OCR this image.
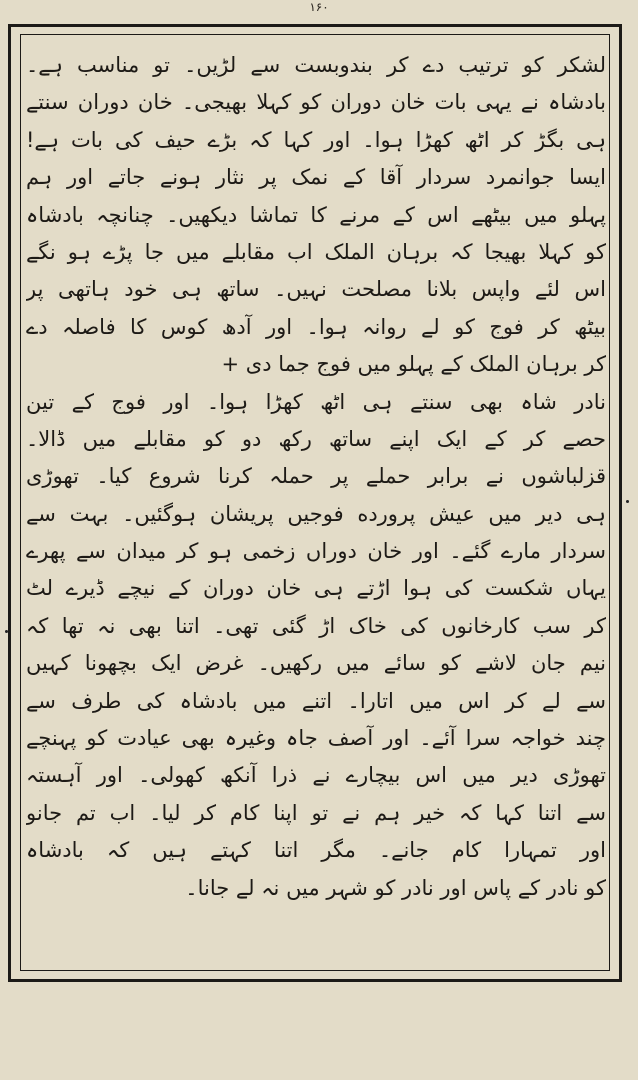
۱۶۰
لشکر کو ترتیب دے کر بندوبست سے لڑیں۔ تو مناسب ہے۔
بادشاہ نے یہی بات خان دوران کو کہلا بھیجی۔ خان دوران سنتے
ہی بگڑ کر اٹھ کھڑا ہوا۔ اور کہا کہ بڑے حیف کی بات ہے!
ایسا جوانمرد سردار آقا کے نمک پر نثار ہونے جاتے اور ہم
پہلو میں بیٹھے اس کے مرنے کا تماشا دیکھیں۔ چنانچہ بادشاہ
کو کہلا بھیجا کہ برہان الملک اب مقابلے میں جا پڑے ہو نگے
اس لئے واپس بلانا مصلحت نہیں۔ ساتھ ہی خود ہاتھی پر
بیٹھ کر فوج کو لے روانہ ہوا۔ اور آدھ کوس کا فاصلہ دے
کر برہان الملک کے پہلو میں فوج جما دی +
نادر شاہ بھی سنتے ہی اٹھ کھڑا ہوا۔ اور فوج کے تین
حصے کر کے ایک اپنے ساتھ رکھ دو کو مقابلے میں ڈالا۔
قزلباشوں نے برابر حملے پر حملہ کرنا شروع کیا۔ تھوڑی
ہی دیر میں عیش پرورده فوجیں پریشان ہوگئیں۔ بہت سے
سردار مارے گئے۔ اور خان دوراں زخمی ہو کر میدان سے پھرے
یہاں شکست کی ہوا اڑتے ہی خان دوران کے نیچے ڈیرے لٹ
کر سب کارخانوں کی خاک اڑ گئی تھی۔ اتنا بھی نہ تھا کہ
نیم جان لاشے کو سائے میں رکھیں۔ غرض ایک بچھونا کہیں
سے لے کر اس میں اتارا۔ اتنے میں بادشاہ کی طرف سے
چند خواجہ سرا آئے۔ اور آصف جاہ وغیرہ بھی عیادت کو پہنچے
تھوڑی دیر میں اس بیچارے نے ذرا آنکھ کھولی۔ اور آہستہ
سے اتنا کہا کہ خیر ہم نے تو اپنا کام کر لیا۔ اب تم جانو
اور تمہارا کام جانے۔ مگر اتنا کہتے ہیں کہ بادشاہ
کو نادر کے پاس اور نادر کو شہر میں نہ لے جانا۔
